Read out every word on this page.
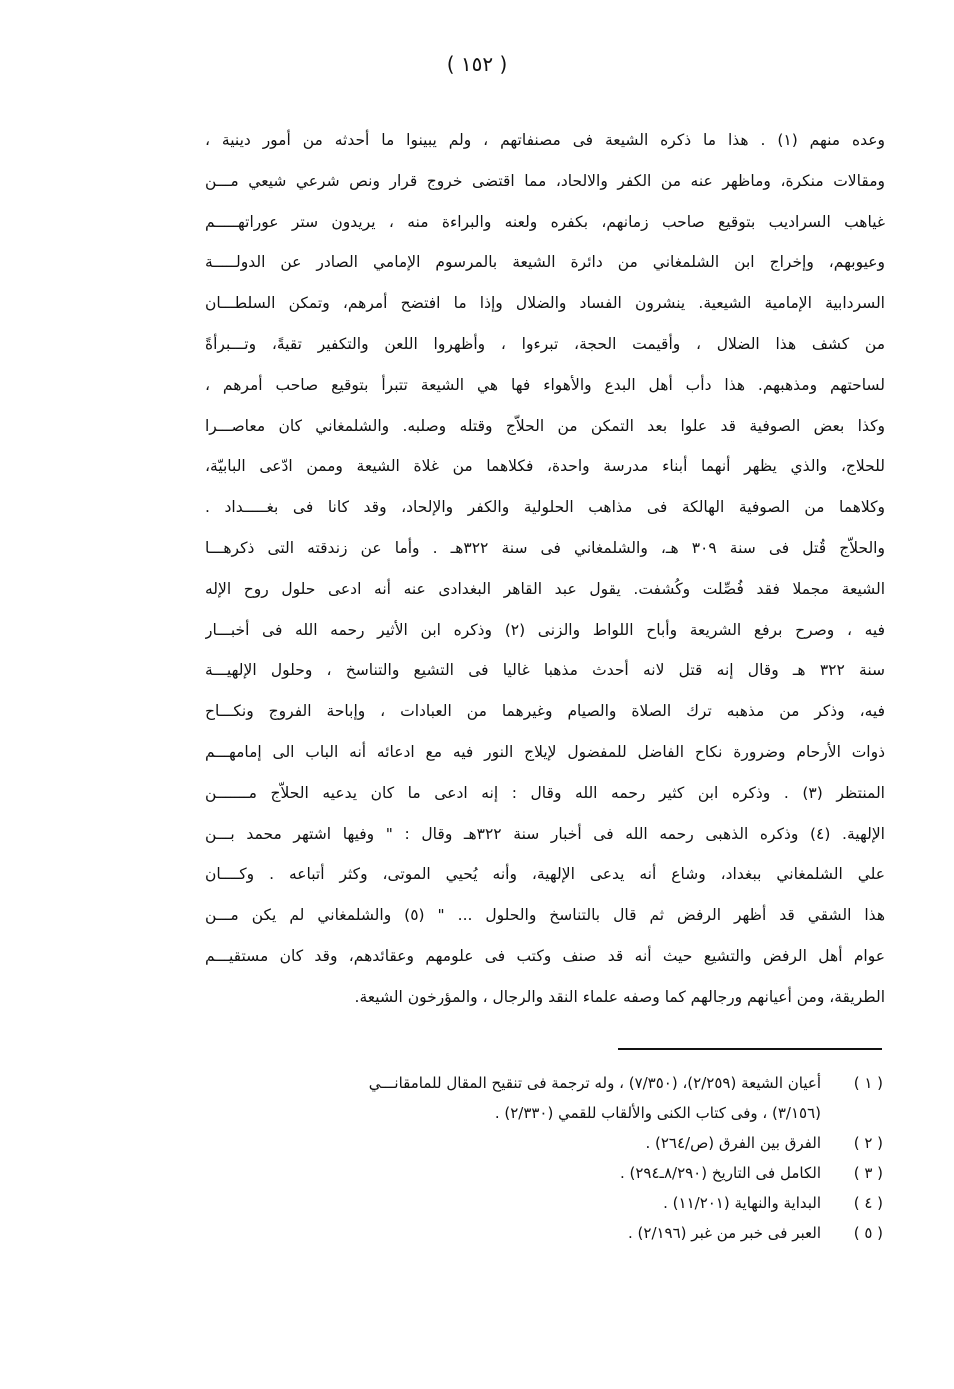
( ١٥٢ )
وعده منهم (١) . هذا ما ذكره الشيعة فى مصنفاتهم ، ولم يبينوا ما أحدثه من أمور دينية ،
ومقالات منكرة، وماظهر عنه من الكفر والالحاد، مما اقتضى خروج قرار ونص شرعي شيعي مـــن
غياهب السراديب بتوقيع صاحب زمانهم، بكفره ولعنه والبراءة منه ، يريدون ستر عوراتهـــــم
وعيوبهم، وإخراج ابن الشلمغاني من دائرة الشيعة بالمرسوم الإمامي الصادر عن الدولـــــة
السردابية الإمامية الشيعية. ينشرون الفساد والضلال وإذا ما افتضح أمرهم، وتمكن السلطـــان
من كشف هذا الضلال ، وأقيمت الحجة، تبرءوا ، وأظهروا اللعن والتكفير تقيةً، وتـــبرأةً
لساحتهم ومذهبهم. هذا دأب أهل البدع والأهواء فها هي الشيعة تتبرأ بتوقيع صاحب أمرهم ،
وكذا بعض الصوفية قد علوا بعد التمكن من الحلاّج وقتله وصلبه. والشلمغاني كان معاصـــرا
للحلاج، والذي يظهر أنهما أبناء مدرسة واحدة، فكلاهما من غلاة الشيعة وممن ادّعى البابيّة،
وكلاهما من الصوفية الهالكة فى مذاهب الحلولية والكفر والإلحاد، وقد كانا فى بغـــــداد .
والحلاّج قُتل فى سنة ٣٠٩ هـ، والشلمغاني فى سنة ٣٢٢هـ . وأما عن زندقته التى ذكرهـــا
الشيعة مجملا فقد فُصِّلت وكُشفت. يقول عبد القاهر البغدادى عنه أنه ادعى حلول روح الإله
فيه ، وصرح برفع الشريعة وأباح اللواط والزنى (٢) وذكره ابن الأثير رحمه الله فى أخبـــار
سنة ٣٢٢ هـ وقال إنه قتل لانه أحدث مذهبا غاليا فى التشيع والتناسخ ، وحلول الإلهيـــة
فيه، وذكر من مذهبه ترك الصلاة والصيام وغيرهما من العبادات ، وإباحة الفروج ونكـــاح
ذوات الأرحام وضرورة نكاح الفاضل للمفضول لإيلاج النور فيه مع ادعائه أنه الباب الى إمامهـــم
المنتظر (٣) . وذكره ابن كثير رحمه الله وقال : إنه ادعى ما كان يدعيه الحلاّج مـــــــن
الإلهية. (٤) وذكره الذهبى رحمه الله فى أخبار سنة ٣٢٢هـ وقال : " وفيها اشتهر محمد بـــن
علي الشلمغاني ببغداد، وشاع أنه يدعى الإلهية، وأنه يُحيي الموتى، وكثر أتباعه . وكــــان
هذا الشقي قد أظهر الرفض ثم قال بالتناسخ والحلول ... " (٥) والشلمغاني لم يكن مـــن
عوام أهل الرفض والتشيع حيث أنه قد صنف وكتب فى علومهم وعقائدهم، وقد كان مستقيـــم
الطريقة، ومن أعيانهم ورجالهم كما وصفه علماء النقد والرجال ، والمؤرخون الشيعة.
( ١ )
أعيان الشيعة (٢/٢٥٩)، (٧/٣٥٠) ، وله ترجمة فى تنقيح المقال للمامقانـــي
(٣/١٥٦) ، وفى كتاب الكنى والألقاب للقمي (٢/٣٣٠) .
( ٢ )
الفرق بين الفرق (ص/٢٦٤) .
( ٣ )
الكامل فى التاريخ (٨/٢٩٠ـ٢٩٤) .
( ٤ )
البداية والنهاية (١١/٢٠١) .
( ٥ )
العبر فى خبر من غبر (٢/١٩٦) .
